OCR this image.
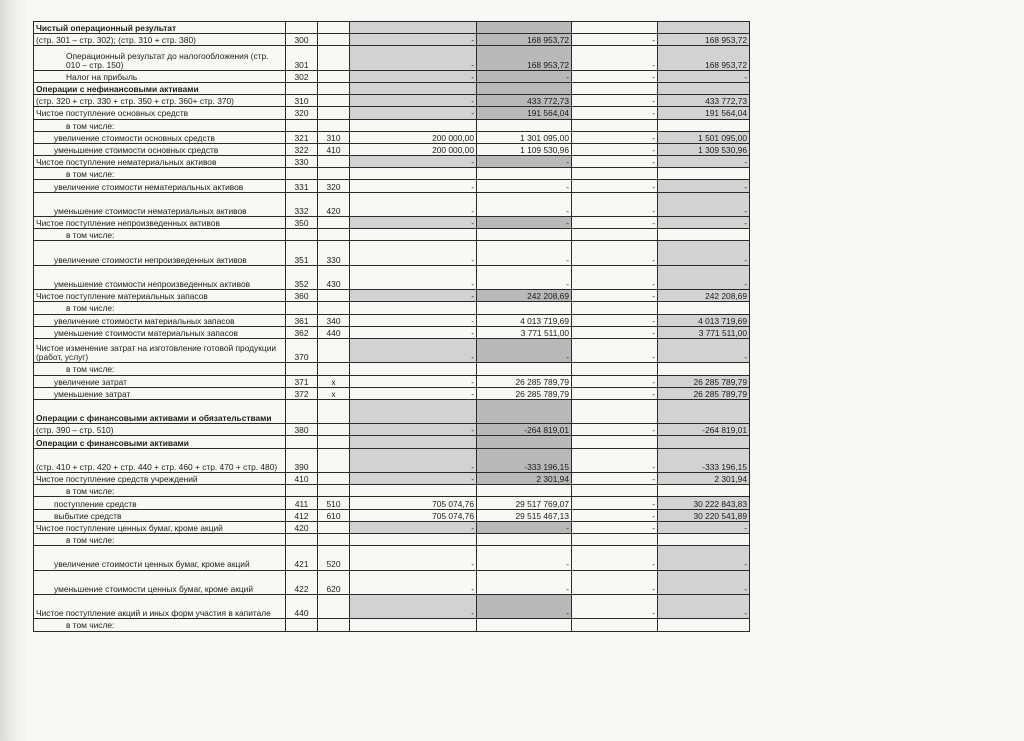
Чистый операционный результат						
(стр. 301 – стр. 302); (стр. 310 + стр. 380)	300		-	168 953,72	-	168 953,72
Операционный результат до налогообложения (стр. 010 – стр. 150)	301		-	168 953,72	-	168 953,72
Налог на прибыль	302		-	-	-	-
Операции с нефинансовыми активами						
(стр. 320 + стр. 330 + стр. 350 + стр. 360+ стр. 370)	310		-	433 772,73	-	433 772,73
Чистое поступление основных средств	320		-	191 564,04	-	191 564,04
в том числе:						
увеличение стоимости основных средств	321	310	200 000,00	1 301 095,00	-	1 501 095,00
уменьшение стоимости основных средств	322	410	200 000,00	1 109 530,96	-	1 309 530,96
Чистое поступление нематериальных активов	330		-	-	-	-
в том числе:						
увеличение стоимости нематериальных активов	331	320	-	-	-	-
уменьшение стоимости нематериальных активов	332	420	-	-	-	-
Чистое поступление непроизведенных активов	350		-	-	-	-
в том числе:						
увеличение стоимости непроизведенных активов	351	330	-	-	-	-
уменьшение стоимости непроизведенных активов	352	430	-	-	-	-
Чистое поступление материальных запасов	360		-	242 208,69	-	242 208,69
в том числе:						
увеличение стоимости материальных запасов	361	340	-	4 013 719,69	-	4 013 719,69
уменьшение стоимости материальных запасов	362	440	-	3 771 511,00	-	3 771 511,00
Чистое изменение затрат на изготовление готовой продукции (работ, услуг)	370		-	-	-	-
в том числе:						
увеличение затрат	371	x	-	26 285 789,79	-	26 285 789,79
уменьшение затрат	372	x	-	26 285 789,79	-	26 285 789,79
Операции с финансовыми активами и обязательствами						
(стр. 390 – стр. 510)	380		-	-264 819,01	-	-264 819,01
Операции с финансовыми активами						
(стр. 410 + стр. 420 + стр. 440 + стр. 460 + стр. 470 + стр. 480)	390		-	-333 196,15	-	-333 196,15
Чистое поступление средств учреждений	410		-	2 301,94	-	2 301,94
в том числе:						
поступление средств	411	510	705 074,76	29 517 769,07	-	30 222 843,83
выбытие средств	412	610	705 074,76	29 515 467,13	-	30 220 541,89
Чистое поступление ценных бумаг, кроме акций	420		-	-	-	-
в том числе:						
увеличение стоимости ценных бумаг, кроме акций	421	520	-	-	-	-
уменьшение стоимости ценных бумаг, кроме акций	422	620	-	-	-	-
Чистое поступление акций и иных форм участия в капитале	440		-	-	-	-
в том числе:						
